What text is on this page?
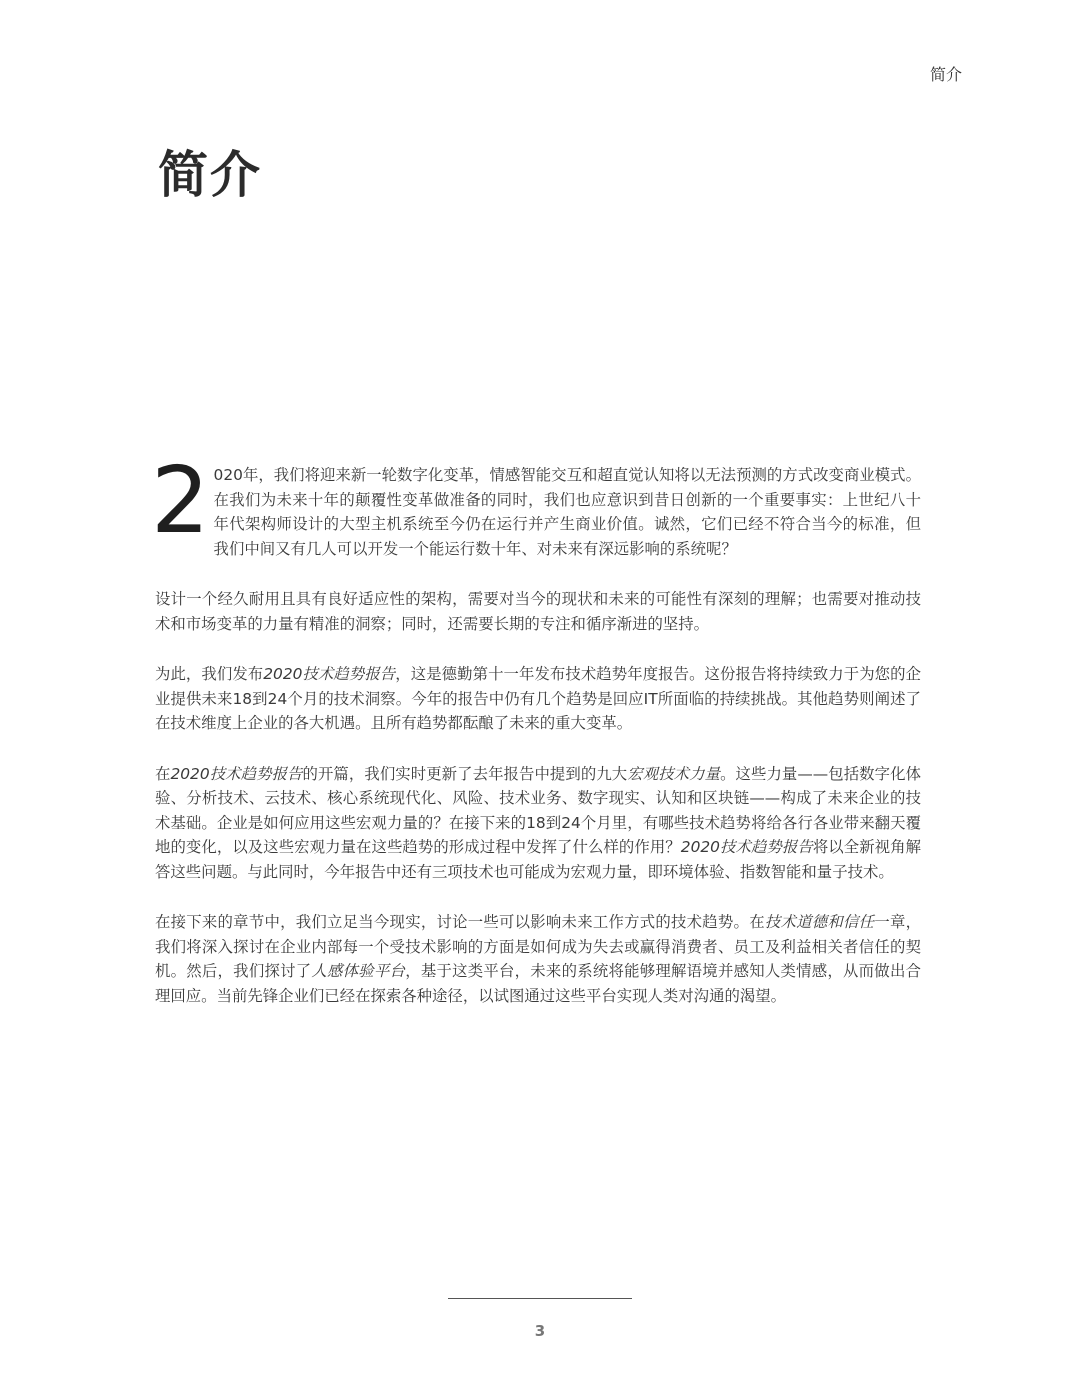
简介
简介

2 020年，我们将迎来新一轮数字化变革，情感智能交互和超直觉认知将以无法预测的方式改变商业模式。在我们为未来十年的颠覆性变革做准备的同时，我们也应意识到昔日创新的一个重要事实：上世纪八十年代架构师设计的大型主机系统至今仍在运行并产生商业价值。诚然，它们已经不符合当今的标准，但我们中间又有几人可以开发一个能运行数十年、对未来有深远影响的系统呢？

设计一个经久耐用且具有良好适应性的架构，需要对当今的现状和未来的可能性有深刻的理解；也需要对推动技术和市场变革的力量有精准的洞察；同时，还需要长期的专注和循序渐进的坚持。

为此，我们发布2020技术趋势报告，这是德勤第十一年发布技术趋势年度报告。这份报告将持续致力于为您的企业提供未来18到24个月的技术洞察。今年的报告中仍有几个趋势是回应IT所面临的持续挑战。其他趋势则阐述了在技术维度上企业的各大机遇。且所有趋势都酝酿了未来的重大变革。

在2020技术趋势报告的开篇，我们实时更新了去年报告中提到的九大宏观技术力量。这些力量——包括数字化体验、分析技术、云技术、核心系统现代化、风险、技术业务、数字现实、认知和区块链——构成了未来企业的技术基础。企业是如何应用这些宏观力量的？在接下来的18到24个月里，有哪些技术趋势将给各行各业带来翻天覆地的变化，以及这些宏观力量在这些趋势的形成过程中发挥了什么样的作用？2020技术趋势报告将以全新视角解答这些问题。与此同时，今年报告中还有三项技术也可能成为宏观力量，即环境体验、指数智能和量子技术。

在接下来的章节中，我们立足当今现实，讨论一些可以影响未来工作方式的技术趋势。在技术道德和信任一章，我们将深入探讨在企业内部每一个受技术影响的方面是如何成为失去或赢得消费者、员工及利益相关者信任的契机。然后，我们探讨了人感体验平台，基于这类平台，未来的系统将能够理解语境并感知人类情感，从而做出合理回应。当前先锋企业们已经在探索各种途径，以试图通过这些平台实现人类对沟通的渴望。

3
